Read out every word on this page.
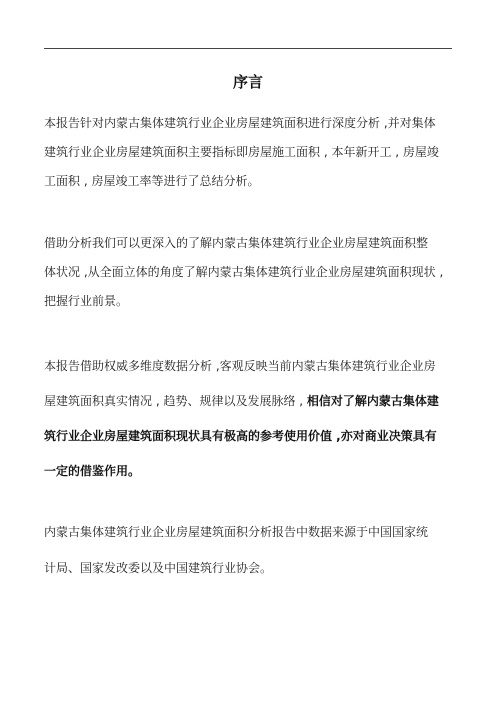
序言
本报告针对内蒙古集体建筑行业企业房屋建筑面积进行深度分析 ,并对集体
建筑行业企业房屋建筑面积主要指标即房屋施工面积 , 本年新开工 , 房屋竣
工面积 , 房屋竣工率等进行了总结分析。
借助分析我们可以更深入的了解内蒙古集体建筑行业企业房屋建筑面积整
体状况 ,从全面立体的角度了解内蒙古集体建筑行业企业房屋建筑面积现状 ,
把握行业前景。
本报告借助权威多维度数据分析 ,客观反映当前内蒙古集体建筑行业企业房
屋建筑面积真实情况 , 趋势、规律以及发展脉络 , 相信对了解内蒙古集体建
筑行业企业房屋建筑面积现状具有极高的参考使用价值 ,亦对商业决策具有
一定的借鉴作用。
内蒙古集体建筑行业企业房屋建筑面积分析报告中数据来源于中国国家统
计局、国家发改委以及中国建筑行业协会。
